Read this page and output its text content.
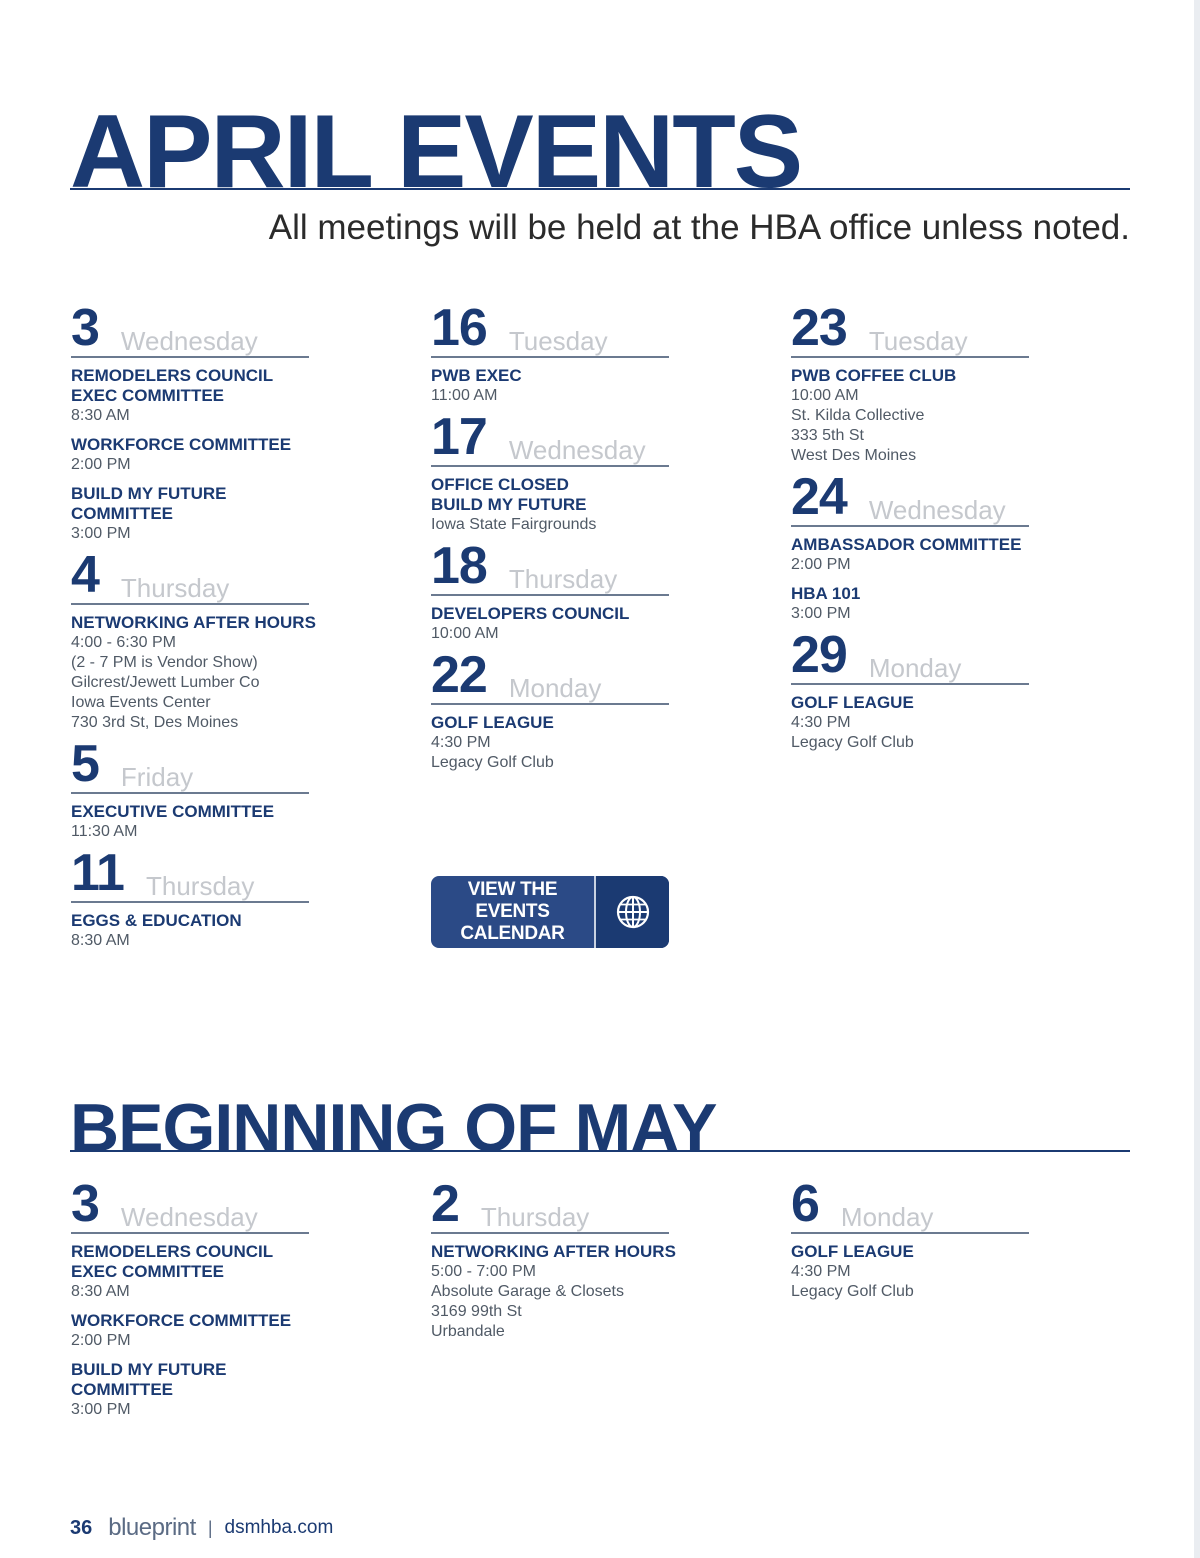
APRIL EVENTS
All meetings will be held at the HBA office unless noted.
3 Wednesday
REMODELERS COUNCIL
EXEC COMMITTEE
8:30 AM
WORKFORCE COMMITTEE
2:00 PM
BUILD MY FUTURE
COMMITTEE
3:00 PM
4 Thursday
NETWORKING AFTER HOURS
4:00 - 6:30 PM
(2 - 7 PM is Vendor Show)
Gilcrest/Jewett Lumber Co
Iowa Events Center
730 3rd St, Des Moines
5 Friday
EXECUTIVE COMMITTEE
11:30 AM
11 Thursday
EGGS & EDUCATION
8:30 AM
16 Tuesday
PWB EXEC
11:00 AM
17 Wednesday
OFFICE CLOSED
BUILD MY FUTURE
Iowa State Fairgrounds
18 Thursday
DEVELOPERS COUNCIL
10:00 AM
22 Monday
GOLF LEAGUE
4:30 PM
Legacy Golf Club
23 Tuesday
PWB COFFEE CLUB
10:00 AM
St. Kilda Collective
333 5th St
West Des Moines
24 Wednesday
AMBASSADOR COMMITTEE
2:00 PM
HBA 101
3:00 PM
29 Monday
GOLF LEAGUE
4:30 PM
Legacy Golf Club
VIEW THE EVENTS
CALENDAR
BEGINNING OF MAY
3 Wednesday
REMODELERS COUNCIL
EXEC COMMITTEE
8:30 AM
WORKFORCE COMMITTEE
2:00 PM
BUILD MY FUTURE
COMMITTEE
3:00 PM
2 Thursday
NETWORKING AFTER HOURS
5:00 - 7:00 PM
Absolute Garage & Closets
3169 99th St
Urbandale
6 Monday
GOLF LEAGUE
4:30 PM
Legacy Golf Club
36 blueprint | dsmhba.com
